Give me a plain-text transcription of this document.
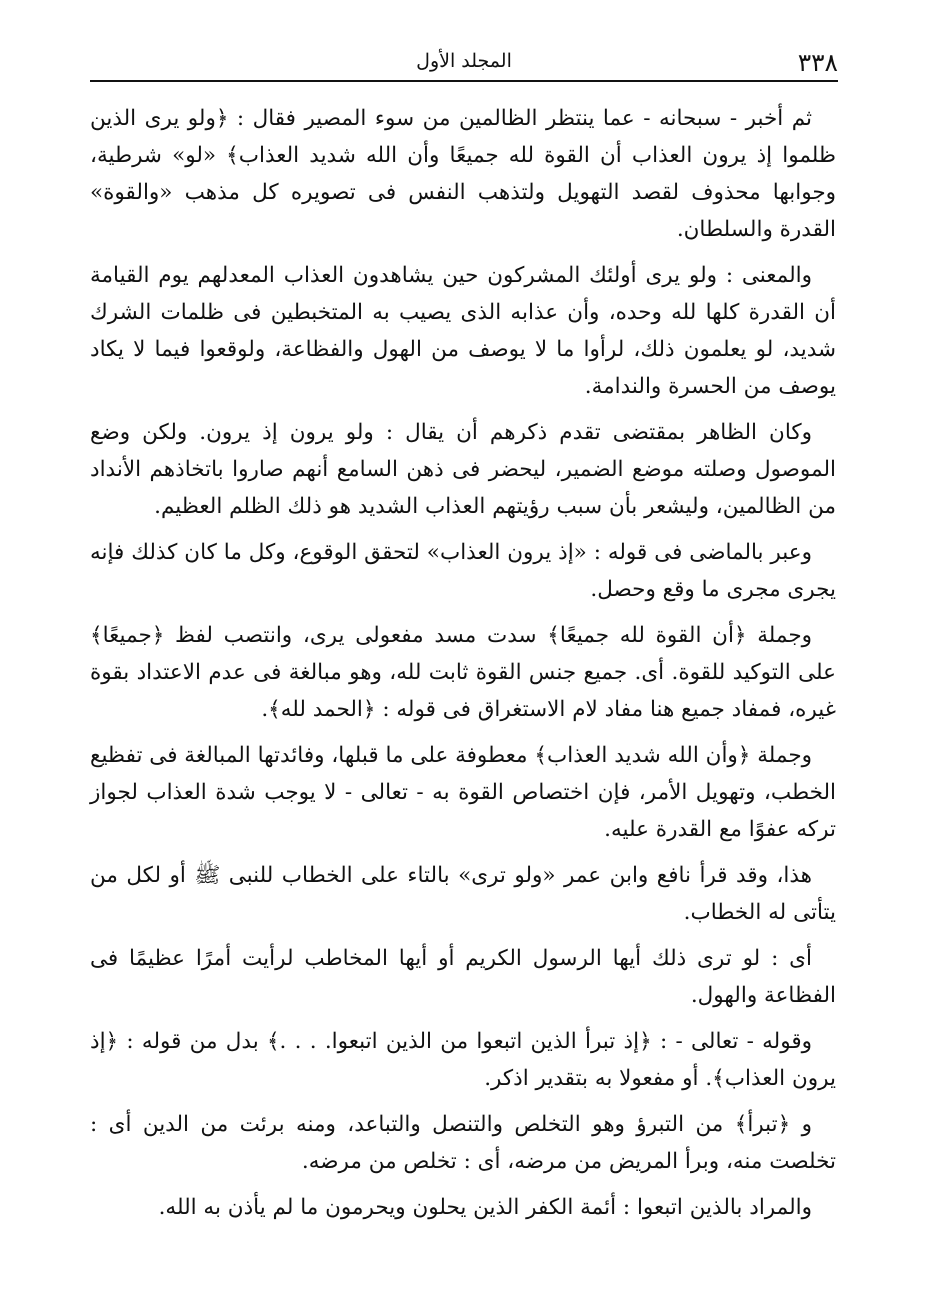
٣٣٨
المجلد الأول

ثم أخبر - سبحانه - عما ينتظر الظالمين من سوء المصير فقال : ﴿ولو يرى الذين ظلموا إذ يرون العذاب أن القوة لله جميعًا وأن الله شديد العذاب﴾ «لو» شرطية، وجوابها محذوف لقصد التهويل ولتذهب النفس فى تصويره كل مذهب «والقوة» القدرة والسلطان.

والمعنى : ولو يرى أولئك المشركون حين يشاهدون العذاب المعدلهم يوم القيامة أن القدرة كلها لله وحده، وأن عذابه الذى يصيب به المتخبطين فى ظلمات الشرك شديد، لو يعلمون ذلك، لرأوا ما لا يوصف من الهول والفظاعة، ولوقعوا فيما لا يكاد يوصف من الحسرة والندامة.

وكان الظاهر بمقتضى تقدم ذكرهم أن يقال : ولو يرون إذ يرون. ولكن وضع الموصول وصلته موضع الضمير، ليحضر فى ذهن السامع أنهم صاروا باتخاذهم الأنداد من الظالمين، وليشعر بأن سبب رؤيتهم العذاب الشديد هو ذلك الظلم العظيم.

وعبر بالماضى فى قوله : «إذ يرون العذاب» لتحقق الوقوع، وكل ما كان كذلك فإنه يجرى مجرى ما وقع وحصل.

وجملة ﴿أن القوة لله جميعًا﴾ سدت مسد مفعولى يرى، وانتصب لفظ ﴿جميعًا﴾ على التوكيد للقوة. أى. جميع جنس القوة ثابت لله، وهو مبالغة فى عدم الاعتداد بقوة غيره، فمفاد جميع هنا مفاد لام الاستغراق فى قوله : ﴿الحمد لله﴾.

وجملة ﴿وأن الله شديد العذاب﴾ معطوفة على ما قبلها، وفائدتها المبالغة فى تفظيع الخطب، وتهويل الأمر، فإن اختصاص القوة به - تعالى - لا يوجب شدة العذاب لجواز تركه عفوًا مع القدرة عليه.

هذا، وقد قرأ نافع وابن عمر «ولو ترى» بالتاء على الخطاب للنبى ﷺ أو لكل من يتأتى له الخطاب.

أى : لو ترى ذلك أيها الرسول الكريم أو أيها المخاطب لرأيت أمرًا عظيمًا فى الفظاعة والهول.

وقوله - تعالى - : ﴿إذ تبرأ الذين اتبعوا من الذين اتبعوا. . . .﴾ بدل من قوله : ﴿إذ يرون العذاب﴾. أو مفعولا به بتقدير اذكر.

و ﴿تبرأ﴾ من التبرؤ وهو التخلص والتنصل والتباعد، ومنه برئت من الدين أى : تخلصت منه، وبرأ المريض من مرضه، أى : تخلص من مرضه.

والمراد بالذين اتبعوا : أئمة الكفر الذين يحلون ويحرمون ما لم يأذن به الله.
